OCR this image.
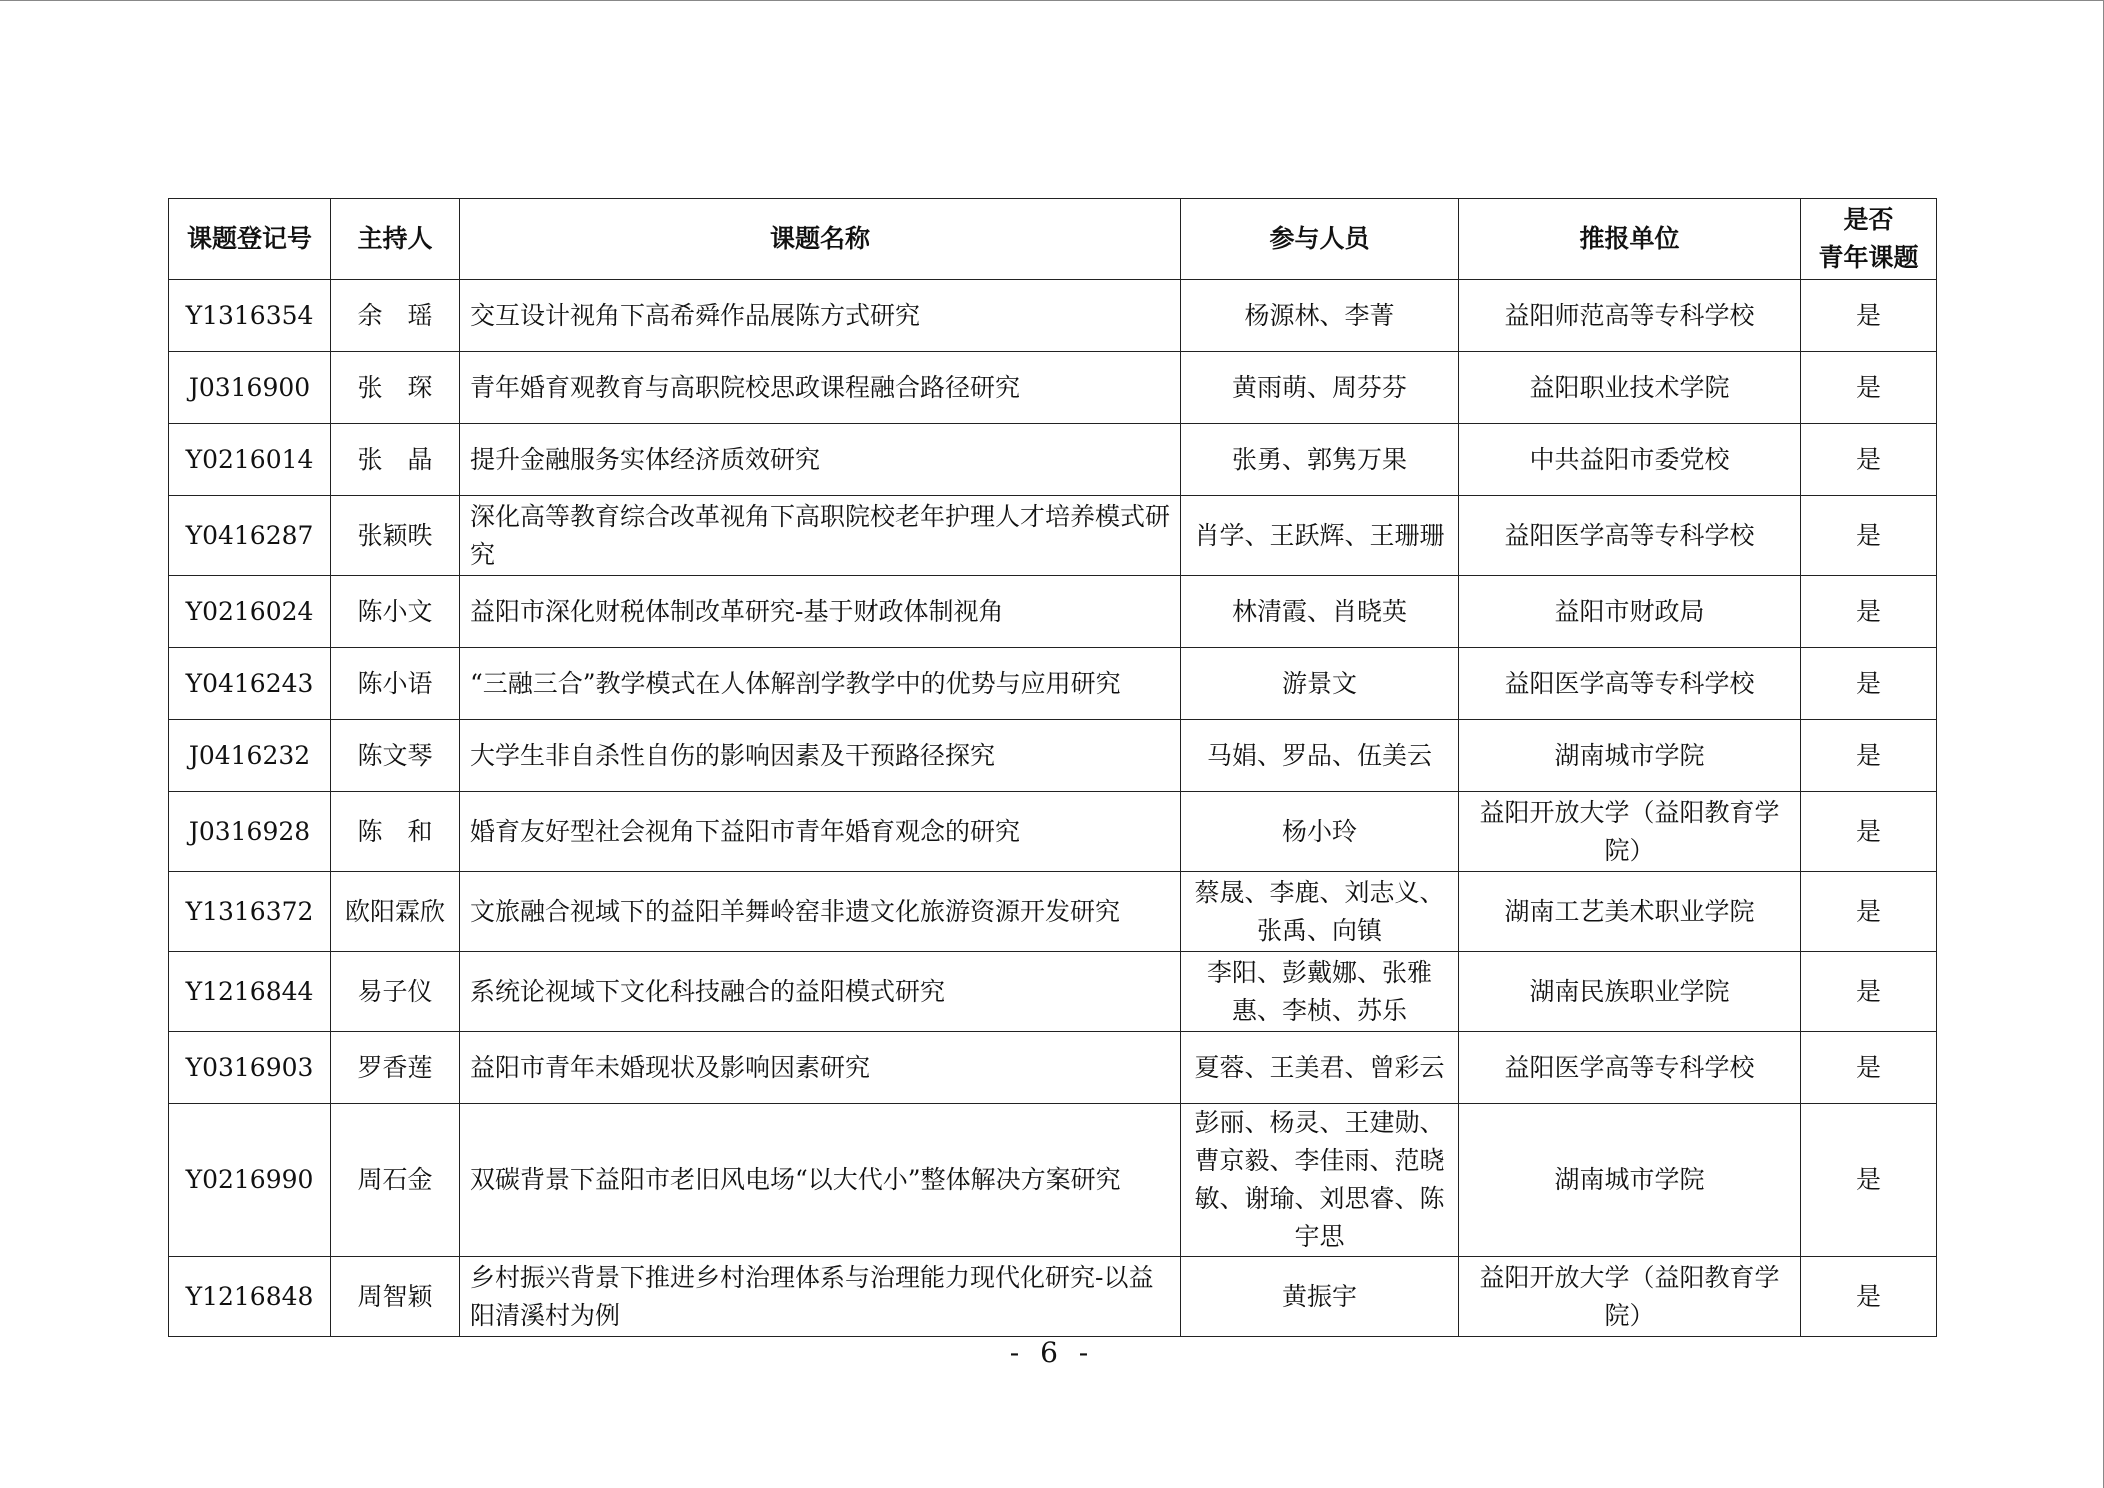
课题登记号	主持人	课题名称	参与人员	推报单位	是否
青年课题

Y1316354	余　瑶	交互设计视角下高希舜作品展陈方式研究	杨源林、李菁	益阳师范高等专科学校	是
J0316900	张　琛	青年婚育观教育与高职院校思政课程融合路径研究	黄雨萌、周芬芬	益阳职业技术学院	是
Y0216014	张　晶	提升金融服务实体经济质效研究	张勇、郭隽万果	中共益阳市委党校	是
Y0416287	张颖昳	深化高等教育综合改革视角下高职院校老年护理人才培养模式研究	肖学、王跃辉、王珊珊	益阳医学高等专科学校	是
Y0216024	陈小文	益阳市深化财税体制改革研究-基于财政体制视角	林清霞、肖晓英	益阳市财政局	是
Y0416243	陈小语	“三融三合”教学模式在人体解剖学教学中的优势与应用研究	游景文	益阳医学高等专科学校	是
J0416232	陈文琴	大学生非自杀性自伤的影响因素及干预路径探究	马娟、罗品、伍美云	湖南城市学院	是
J0316928	陈　和	婚育友好型社会视角下益阳市青年婚育观念的研究	杨小玲	益阳开放大学（益阳教育学院）	是
Y1316372	欧阳霖欣	文旅融合视域下的益阳羊舞岭窑非遗文化旅游资源开发研究	蔡晟、李鹿、刘志义、张禹、向镇	湖南工艺美术职业学院	是
Y1216844	易子仪	系统论视域下文化科技融合的益阳模式研究	李阳、彭戴娜、张雅惠、李桢、苏乐	湖南民族职业学院	是
Y0316903	罗香莲	益阳市青年未婚现状及影响因素研究	夏蓉、王美君、曾彩云	益阳医学高等专科学校	是
Y0216990	周石金	双碳背景下益阳市老旧风电场“以大代小”整体解决方案研究	彭丽、杨灵、王建勋、曹京毅、李佳雨、范晓敏、谢瑜、刘思睿、陈宇思	湖南城市学院	是
Y1216848	周智颖	乡村振兴背景下推进乡村治理体系与治理能力现代化研究-以益阳清溪村为例	黄振宇	益阳开放大学（益阳教育学院）	是
- 6 -
